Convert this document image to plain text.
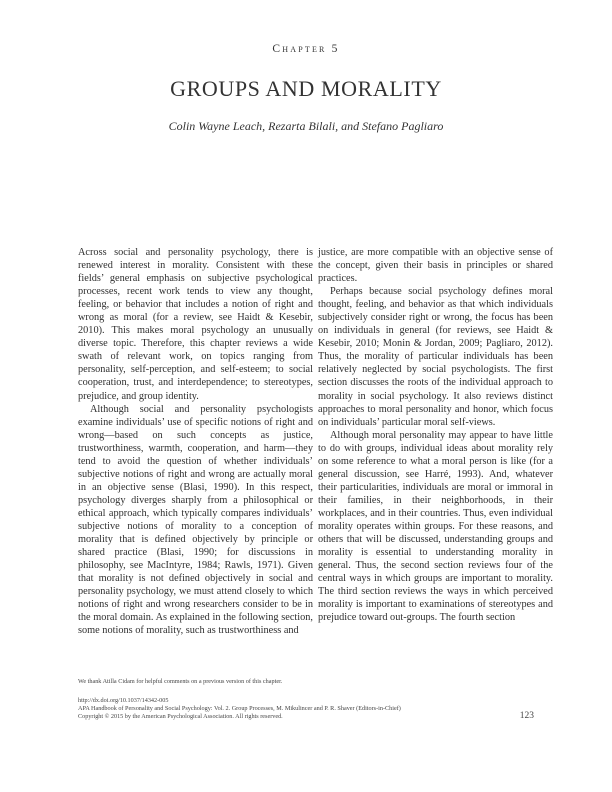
Chapter 5
GROUPS AND MORALITY
Colin Wayne Leach, Rezarta Bilali, and Stefano Pagliaro

Across social and personality psychology, there is renewed interest in morality. Consistent with these fields’ general emphasis on subjective psychological processes, recent work tends to view any thought, feeling, or behavior that includes a notion of right and wrong as moral (for a review, see Haidt & Kesebir, 2010). This makes moral psychology an unusually diverse topic. Therefore, this chapter reviews a wide swath of relevant work, on topics ranging from personality, self-perception, and self-esteem; to social cooperation, trust, and interdependence; to stereotypes, prejudice, and group identity.

Although social and personality psychologists examine individuals’ use of specific notions of right and wrong—based on such concepts as justice, trustworthiness, warmth, cooperation, and harm—they tend to avoid the question of whether individuals’ subjective notions of right and wrong are actually moral in an objective sense (Blasi, 1990). In this respect, psychology diverges sharply from a philosophical or ethical approach, which typically compares individuals’ subjective notions of morality to a conception of morality that is defined objectively by principle or shared practice (Blasi, 1990; for discussions in philosophy, see MacIntyre, 1984; Rawls, 1971). Given that morality is not defined objectively in social and personality psychology, we must attend closely to which notions of right and wrong researchers consider to be in the moral domain. As explained in the following section, some notions of morality, such as trustworthiness and

justice, are more compatible with an objective sense of the concept, given their basis in principles or shared practices.

Perhaps because social psychology defines moral thought, feeling, and behavior as that which individuals subjectively consider right or wrong, the focus has been on individuals in general (for reviews, see Haidt & Kesebir, 2010; Monin & Jordan, 2009; Pagliaro, 2012). Thus, the morality of particular individuals has been relatively neglected by social psychologists. The first section discusses the roots of the individual approach to morality in social psychology. It also reviews distinct approaches to moral personality and honor, which focus on individuals’ particular moral self-views.

Although moral personality may appear to have little to do with groups, individual ideas about morality rely on some reference to what a moral person is like (for a general discussion, see Harré, 1993). And, whatever their particularities, individuals are moral or immoral in their families, in their neighborhoods, in their workplaces, and in their countries. Thus, even individual morality operates within groups. For these reasons, and others that will be discussed, understanding groups and morality is essential to understanding morality in general. Thus, the second section reviews four of the central ways in which groups are important to morality. The third section reviews the ways in which perceived morality is important to examinations of stereotypes and prejudice toward out-groups. The fourth section

We thank Atilla Cidam for helpful comments on a previous version of this chapter.
http://dx.doi.org/10.1037/14342-005
APA Handbook of Personality and Social Psychology: Vol. 2. Group Processes, M. Mikulincer and P. R. Shaver (Editors-in-Chief)
Copyright © 2015 by the American Psychological Association. All rights reserved.	123
